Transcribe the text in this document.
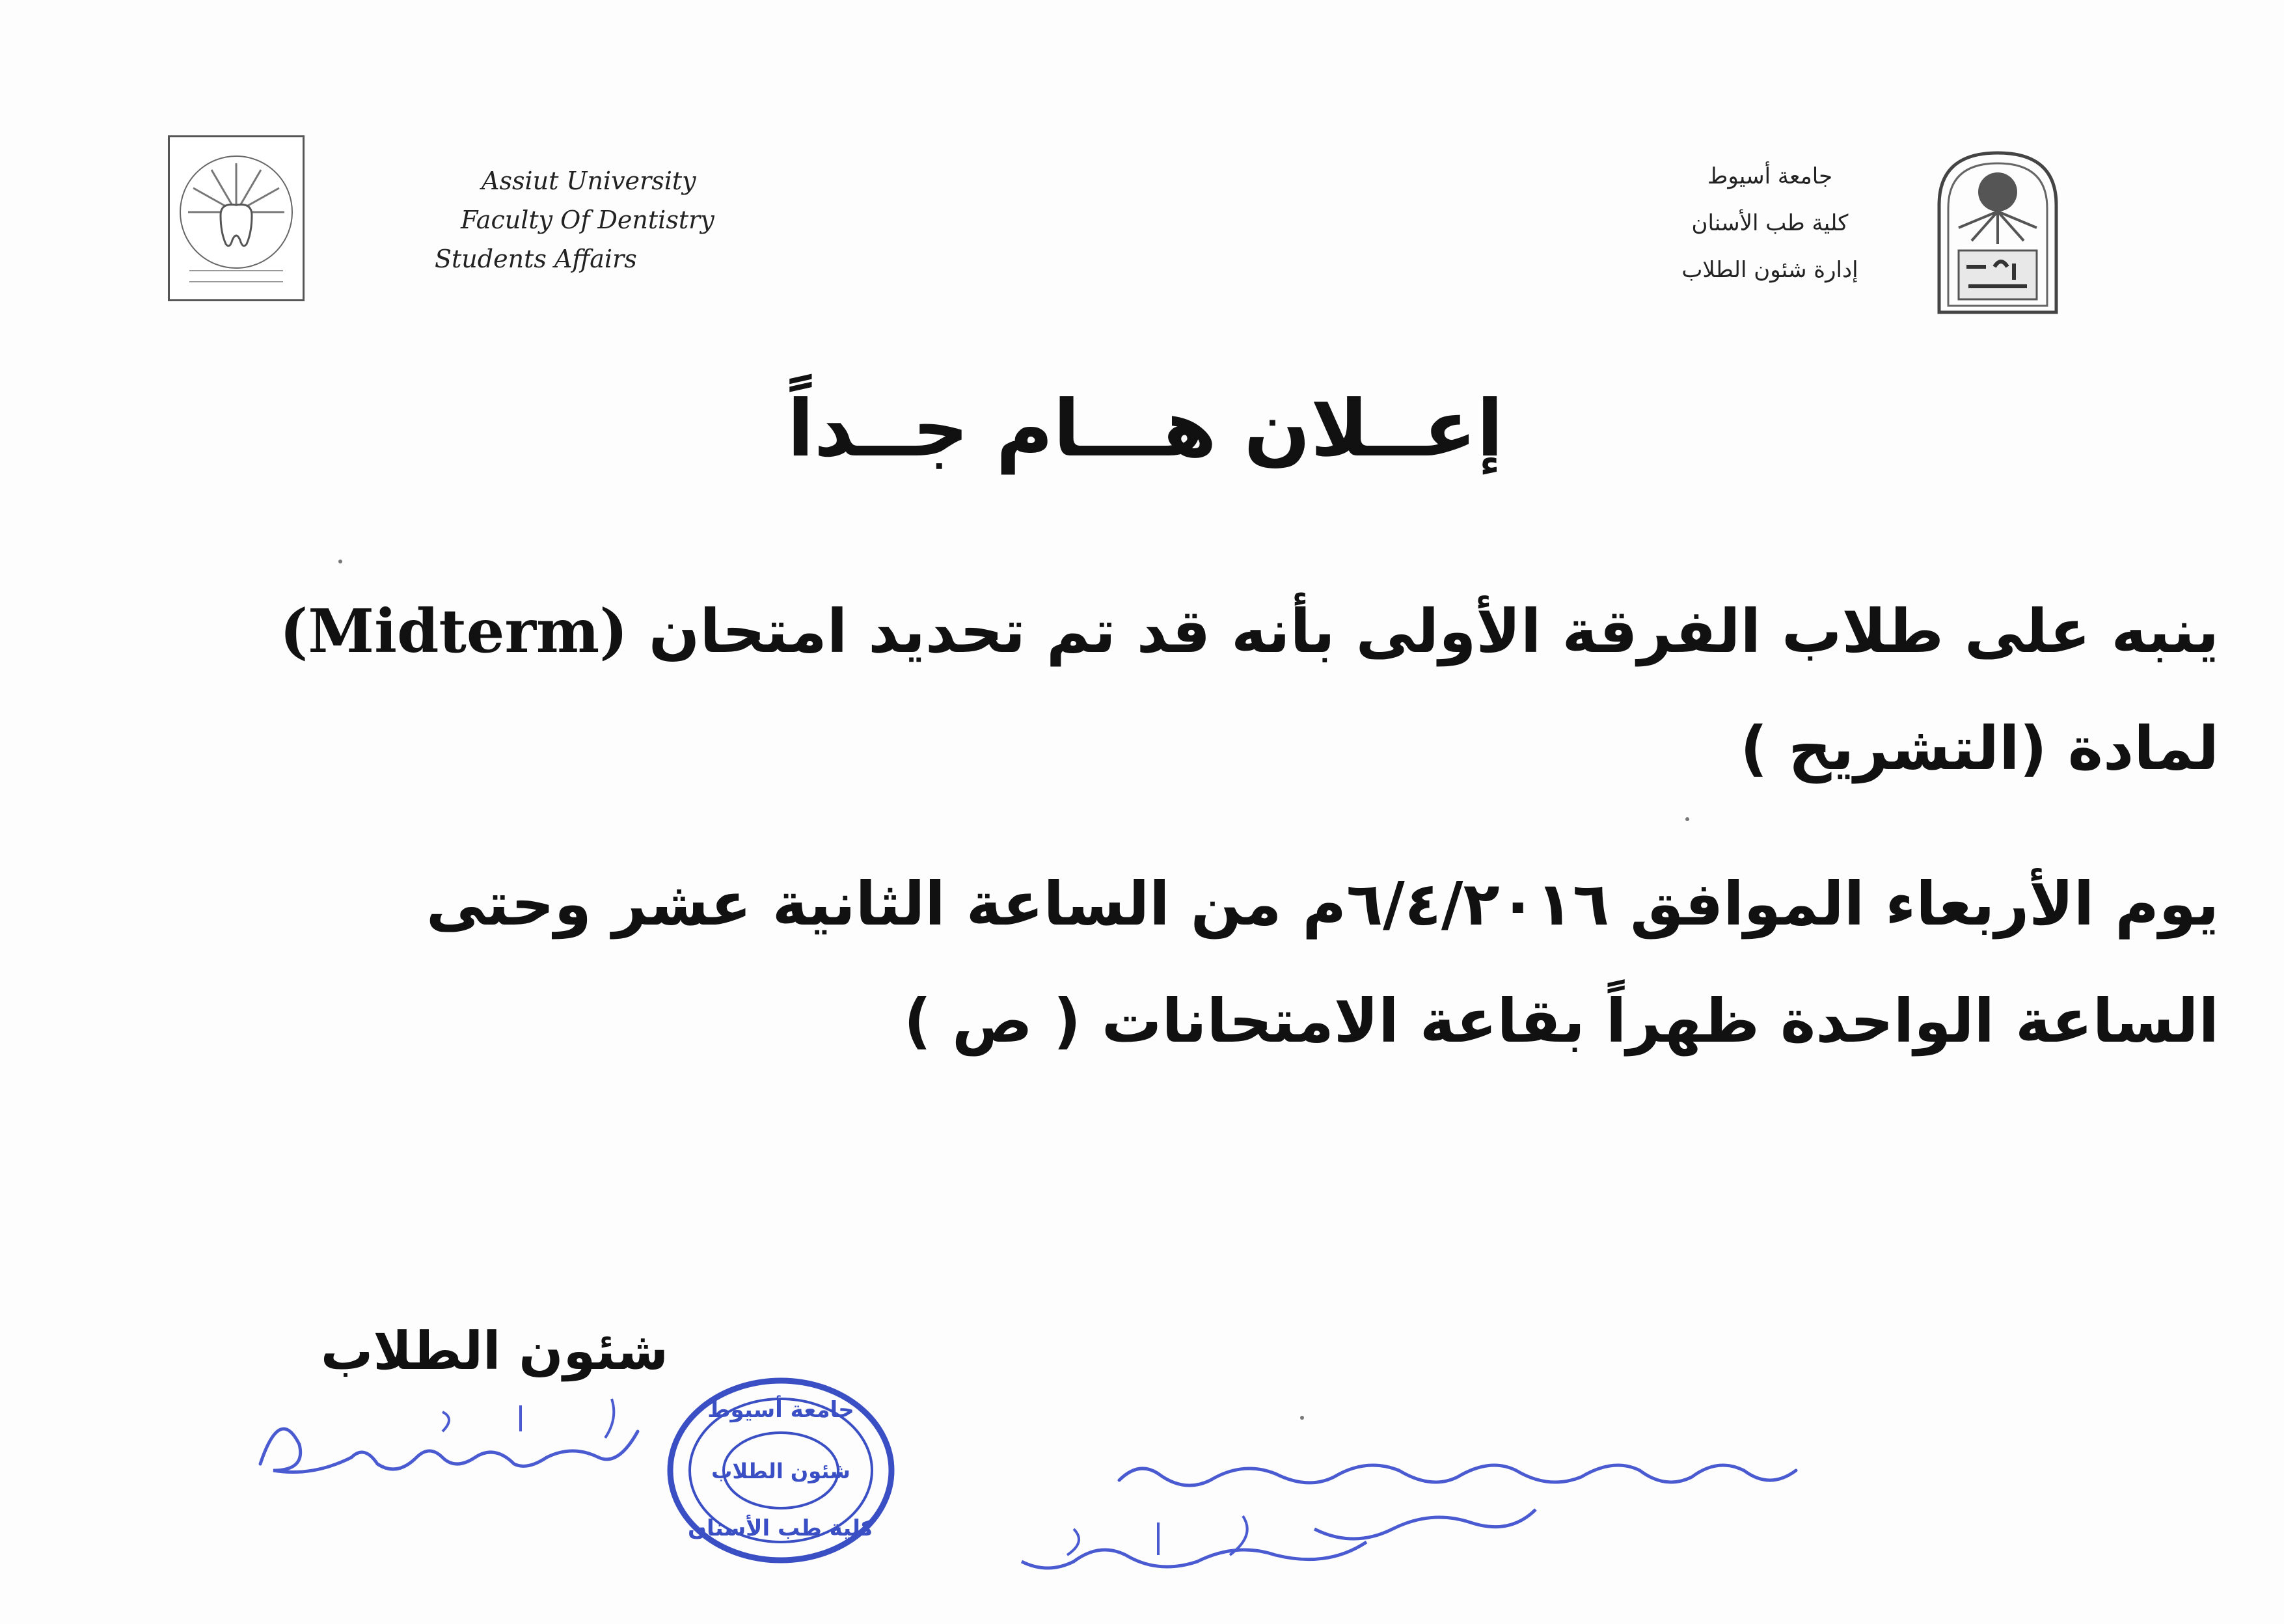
Assiut University
Faculty Of Dentistry
Students Affairs
جامعة أسيوط
كلية طب الأسنان
إدارة شئون الطلاب
إعــلان هـــام جــداً
ينبه على طلاب الفرقة الأولى بأنه قد تم تحديد امتحان (Midterm)
لمادة (التشريح )
يوم الأربعاء الموافق ٦/٤/٢٠١٦م من الساعة الثانية عشر وحتى
الساعة الواحدة ظهراً بقاعة الامتحانات ( ص )
شئون الطلاب
جامعة أسيوط
شئون الطلاب
كلية طب الأسنان
